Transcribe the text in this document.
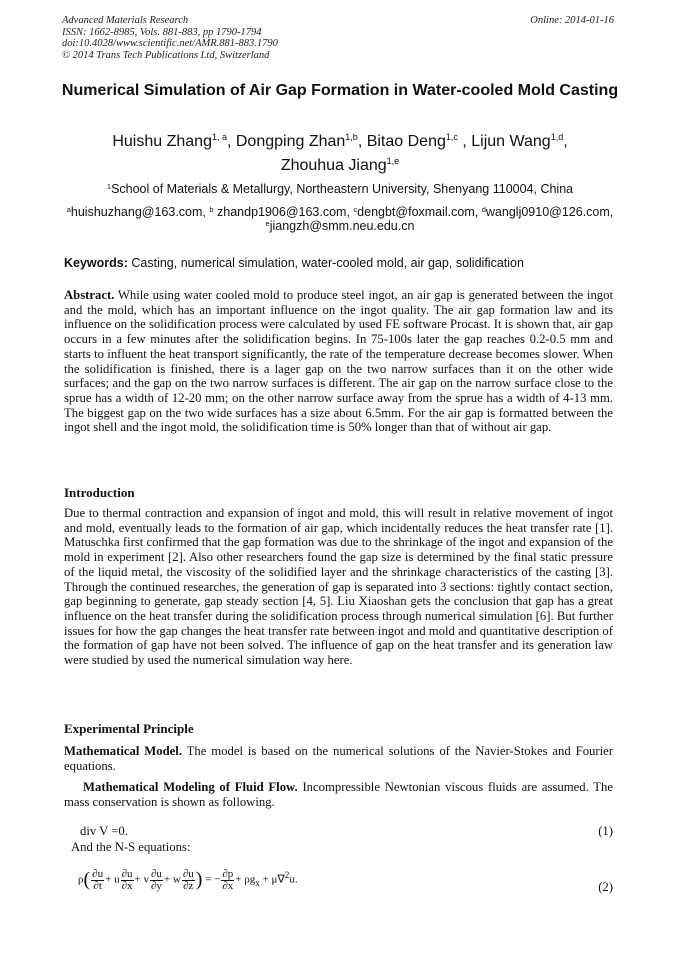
Advanced Materials Research
ISSN: 1662-8985, Vols. 881-883, pp 1790-1794
doi:10.4028/www.scientific.net/AMR.881-883.1790
© 2014 Trans Tech Publications Ltd, Switzerland
Online: 2014-01-16
Numerical Simulation of Air Gap Formation in Water-cooled Mold Casting
Huishu Zhang$^{1, a}$, Dongping Zhan$^{1,b}$, Bitao Deng$^{1,c}$ , Lijun Wang$^{1,d}$,
Zhouhua Jiang$^{1,e}$
$^1$School of Materials & Metallurgy, Northeastern University, Shenyang 110004, China
$^a$huishuzhang@163.com, $^b$ zhandp1906@163.com, $^c$dengbt@foxmail.com, $^d$wanglj0910@126.com,
$^e$jiangzh@smm.neu.edu.cn
Keywords: Casting, numerical simulation, water-cooled mold, air gap, solidification
Abstract. While using water cooled mold to produce steel ingot, an air gap is generated between the ingot and the mold, which has an important influence on the ingot quality. The air gap formation law and its influence on the solidification process were calculated by used FE software Procast. It is shown that, air gap occurs in a few minutes after the solidification begins. In 75-100s later the gap reaches 0.2-0.5 mm and starts to influent the heat transport significantly, the rate of the temperature decrease becomes slower. When the solidification is finished, there is a lager gap on the two narrow surfaces than it on the other wide surfaces; and the gap on the two narrow surfaces is different. The air gap on the narrow surface close to the sprue has a width of 12-20 mm; on the other narrow surface away from the sprue has a width of 4-13 mm. The biggest gap on the two wide surfaces has a size about 6.5mm. For the air gap is formatted between the ingot shell and the ingot mold, the solidification time is 50% longer than that of without air gap.
Introduction
Due to thermal contraction and expansion of ingot and mold, this will result in relative movement of ingot and mold, eventually leads to the formation of air gap, which incidentally reduces the heat transfer rate [1]. Matuschka first confirmed that the gap formation was due to the shrinkage of the ingot and expansion of the mold in experiment [2]. Also other researchers found the gap size is determined by the final static pressure of the liquid metal, the viscosity of the solidified layer and the shrinkage characteristics of the casting [3]. Through the continued researches, the generation of gap is separated into 3 sections: tightly contact section, gap beginning to generate, gap steady section [4, 5]. Liu Xiaoshan gets the conclusion that gap has a great influence on the heat transfer during the solidification process through numerical simulation [6]. But further issues for how the gap changes the heat transfer rate between ingot and mold and quantitative description of the formation of gap have not been solved. The influence of gap on the heat transfer and its generation law were studied by used the numerical simulation way here.
Experimental Principle
Mathematical Model. The model is based on the numerical solutions of the Navier-Stokes and Fourier equations.
Mathematical Modeling of Fluid Flow. Incompressible Newtonian viscous fluids are assumed. The mass conservation is shown as following.
div V =0.	(1)
And the N-S equations:
$\rho( \frac{\partial u}{\partial t} + u \frac{\partial u}{\partial x} + v \frac{\partial u}{\partial y} + w \frac{\partial u}{\partial z}$ ) = − $\frac{\partial p}{\partial x} + \rho g_x + \mu\nabla^2u$.
(2)
